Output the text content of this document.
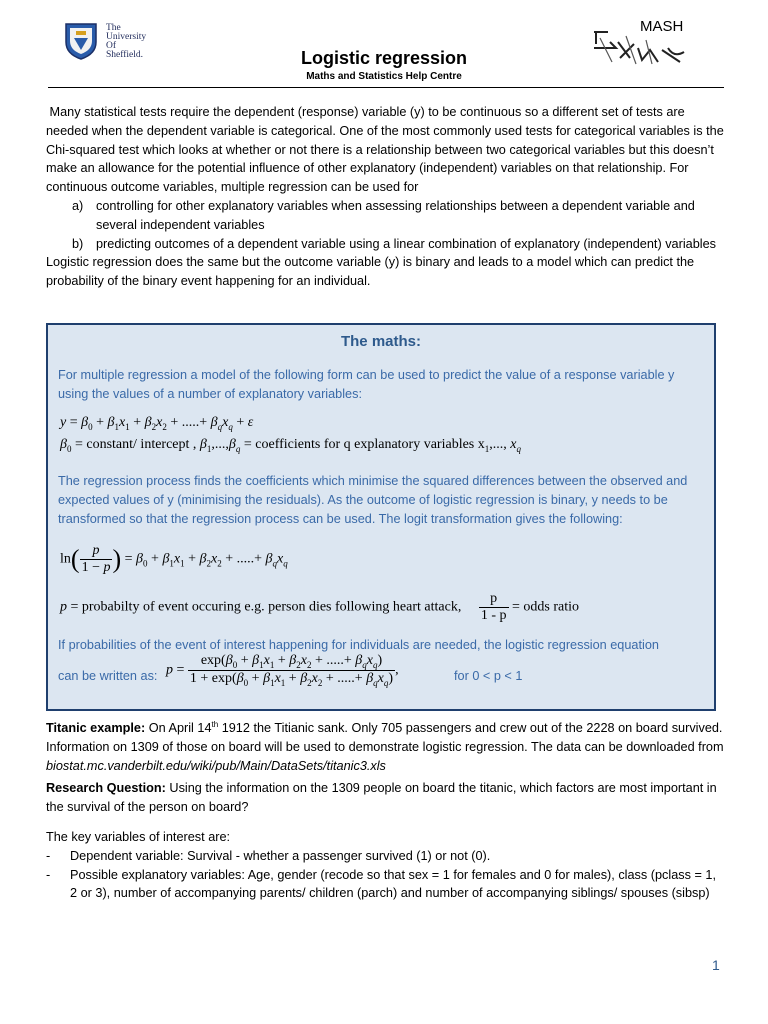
The
University
Of
Sheffield.	Logistic regression
Maths and Statistics Help Centre
MASH

Many statistical tests require the dependent (response) variable (y) to be continuous so a different set of tests are needed when the dependent variable is categorical. One of the most commonly used tests for categorical variables is the Chi-squared test which looks at whether or not there is a relationship between two categorical variables but this doesn’t make an allowance for the potential influence of other explanatory (independent) variables on that relationship. For continuous outcome variables, multiple regression can be used for

a) controlling for other explanatory variables when assessing relationships between a dependent variable and several independent variables
b) predicting outcomes of a dependent variable using a linear combination of explanatory (independent) variables

Logistic regression does the same but the outcome variable (y) is binary and leads to a model which can predict the probability of the binary event happening for an individual.

The maths:
For multiple regression a model of the following form can be used to predict the value of a response variable y using the values of a number of explanatory variables:
$y = \beta_0 + \beta_1x_1 + \beta_2x_2$ + .....+ $\beta_qx_q + \varepsilon$
$\beta_0$ = constant/ intercept , $\beta_1,...,\beta_q$ = coefficients for q explanatory variables $x_1$,..., $x_q$
The regression process finds the coefficients which minimise the squared differences between the observed and expected values of y (minimising the residuals). As the outcome of logistic regression is binary, y needs to be transformed so that the regression process can be used. The logit transformation gives the following:
$\ln( \frac{p}{1 - p}$ ) = $\beta_0 + \beta_1x_1 + \beta_2x_2$ + .....+ $\beta_qx_q$
p = probabilty of event occuring e.g. person dies following heart attack, $\frac{p}{1 - p}$ = odds ratio
If probabilities of the event of interest happening for individuals are needed, the logistic regression equation
can be written as: $p = \frac{\exp(\beta_0 + \beta_1x_1 + \beta_2x_2 + .....+ \beta_qx_q)}{1 + \exp(\beta_0 + \beta_1x_1 + \beta_2x_2 + .....+ \beta_qx_q)}$ ,	for 0 < p < 1
Titanic example: On April 14th 1912 the Titianic sank. Only 705 passengers and crew out of the 2228 on board survived. Information on 1309 of those on board will be used to demonstrate logistic regression. The data can be downloaded from biostat.mc.vanderbilt.edu/wiki/pub/Main/DataSets/titanic3.xls
Research Question: Using the information on the 1309 people on board the titanic, which factors are most important in the survival of the person on board?
The key variables of interest are:
- Dependent variable: Survival - whether a passenger survived (1) or not (0).
- Possible explanatory variables: Age, gender (recode so that sex = 1 for females and 0 for males), class (pclass = 1, 2 or 3), number of accompanying parents/ children (parch) and number of accompanying siblings/ spouses (sibsp)
1
